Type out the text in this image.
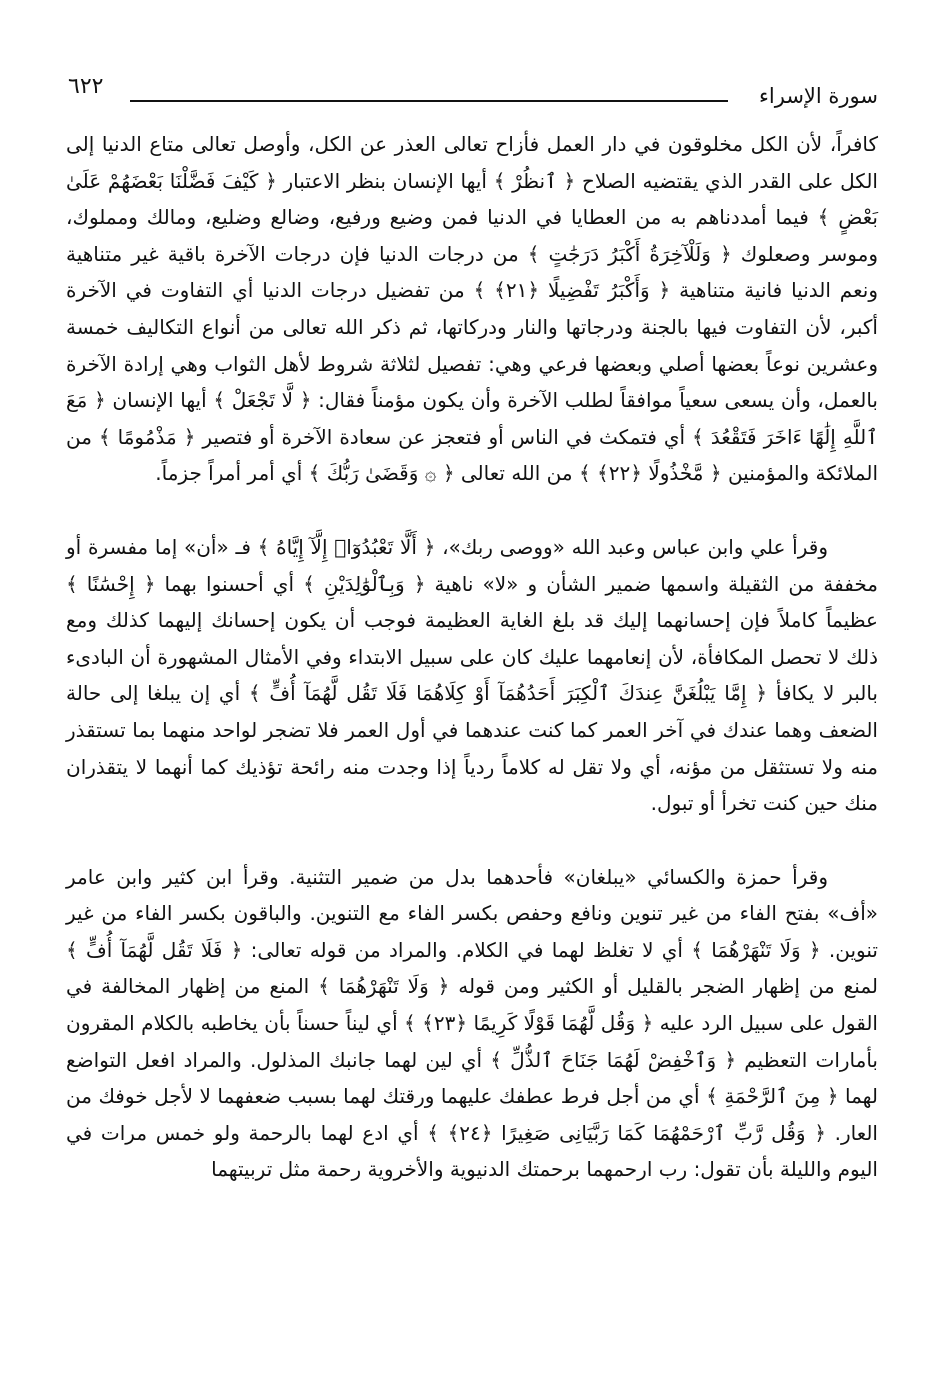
سورة الإسراء
٦٢٢

كافراً، لأن الكل مخلوقون في دار العمل فأزاح تعالى العذر عن الكل، وأوصل تعالى متاع الدنيا إلى الكل على القدر الذي يقتضيه الصلاح ﴿ ٱنظُرْ ﴾ أيها الإنسان بنظر الاعتبار ﴿ كَيْفَ فَضَّلْنَا بَعْضَهُمْ عَلَىٰ بَعْضٍ ﴾ فيما أمددناهم به من العطايا في الدنيا فمن وضيع ورفيع، وضالع وضليع، ومالك ومملوك، وموسر وصعلوك ﴿ وَلَلْآخِرَةُ أَكْبَرُ دَرَجَٰتٍ ﴾ من درجات الدنيا فإن درجات الآخرة باقية غير متناهية ونعم الدنيا فانية متناهية ﴿ وَأَكْبَرُ تَفْضِيلًا ﴿٢١﴾ ﴾ من تفضيل درجات الدنيا أي التفاوت في الآخرة أكبر، لأن التفاوت فيها بالجنة ودرجاتها والنار ودركاتها، ثم ذكر الله تعالى من أنواع التكاليف خمسة وعشرين نوعاً بعضها أصلي وبعضها فرعي وهي: تفصيل لثلاثة شروط لأهل الثواب وهي إرادة الآخرة بالعمل، وأن يسعى سعياً موافقاً لطلب الآخرة وأن يكون مؤمناً فقال: ﴿ لَّا تَجْعَلْ ﴾ أيها الإنسان ﴿ مَعَ ٱللَّهِ إِلَٰهًا ءَاخَرَ فَتَقْعُدَ ﴾ أي فتمكث في الناس أو فتعجز عن سعادة الآخرة أو فتصير ﴿ مَذْمُومًا ﴾ من الملائكة والمؤمنين ﴿ مَّخْذُولًا ﴿٢٢﴾ ﴾ من الله تعالى ﴿ ۞ وَقَضَىٰ رَبُّكَ ﴾ أي أمر أمراً جزماً.

وقرأ علي وابن عباس وعبد الله «ووصى ربك»، ﴿ أَلَّا تَعْبُدُوٓا۟ إِلَّآ إِيَّاهُ ﴾ فـ «أن» إما مفسرة أو مخففة من الثقيلة واسمها ضمير الشأن و «لا» ناهية ﴿ وَبِٱلْوَٰلِدَيْنِ ﴾ أي أحسنوا بهما ﴿ إِحْسَٰنًا ﴾ عظيماً كاملاً فإن إحسانهما إليك قد بلغ الغاية العظيمة فوجب أن يكون إحسانك إليهما كذلك ومع ذلك لا تحصل المكافأة، لأن إنعامهما عليك كان على سبيل الابتداء وفي الأمثال المشهورة أن البادىء بالبر لا يكافأ ﴿ إِمَّا يَبْلُغَنَّ عِندَكَ ٱلْكِبَرَ أَحَدُهُمَآ أَوْ كِلَاهُمَا فَلَا تَقُل لَّهُمَآ أُفٍّ ﴾ أي إن يبلغا إلى حالة الضعف وهما عندك في آخر العمر كما كنت عندهما في أول العمر فلا تضجر لواحد منهما بما تستقذر منه ولا تستثقل من مؤنه، أي ولا تقل له كلاماً ردياً إذا وجدت منه رائحة تؤذيك كما أنهما لا يتقذران منك حين كنت تخرأ أو تبول.

وقرأ حمزة والكسائي «يبلغان» فأحدهما بدل من ضمير التثنية. وقرأ ابن كثير وابن عامر «أف» بفتح الفاء من غير تنوين ونافع وحفص بكسر الفاء مع التنوين. والباقون بكسر الفاء من غير تنوين. ﴿ وَلَا تَنْهَرْهُمَا ﴾ أي لا تغلظ لهما في الكلام. والمراد من قوله تعالى: ﴿ فَلَا تَقُل لَّهُمَآ أُفٍّ ﴾ لمنع من إظهار الضجر بالقليل أو الكثير ومن قوله ﴿ وَلَا تَنْهَرْهُمَا ﴾ المنع من إظهار المخالفة في القول على سبيل الرد عليه ﴿ وَقُل لَّهُمَا قَوْلًا كَرِيمًا ﴿٢٣﴾ ﴾ أي ليناً حسناً بأن يخاطبه بالكلام المقرون بأمارات التعظيم ﴿ وَٱخْفِضْ لَهُمَا جَنَاحَ ٱلذُّلِّ ﴾ أي لين لهما جانبك المذلول. والمراد افعل التواضع لهما ﴿ مِنَ ٱلرَّحْمَةِ ﴾ أي من أجل فرط عطفك عليهما ورقتك لهما بسبب ضعفهما لا لأجل خوفك من العار. ﴿ وَقُل رَّبِّ ٱرْحَمْهُمَا كَمَا رَبَّيَانِى صَغِيرًا ﴿٢٤﴾ ﴾ أي ادع لهما بالرحمة ولو خمس مرات في اليوم والليلة بأن تقول: رب ارحمهما برحمتك الدنيوية والأخروية رحمة مثل تربيتهما
